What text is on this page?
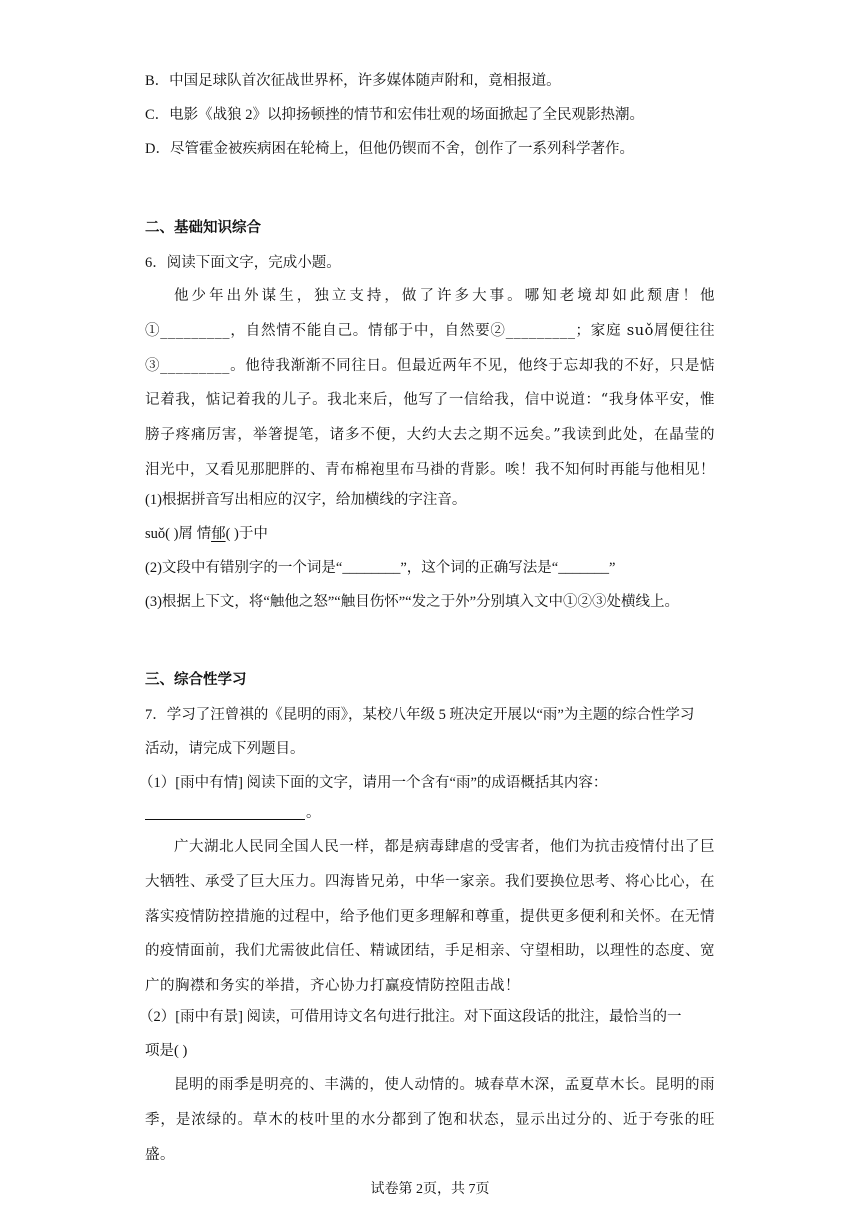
B．中国足球队首次征战世界杯，许多媒体随声附和，竟相报道。
C．电影《战狼 2》以抑扬顿挫的情节和宏伟壮观的场面掀起了全民观影热潮。
D．尽管霍金被疾病困在轮椅上，但他仍锲而不舍，创作了一系列科学著作。
二、基础知识综合
6．阅读下面文字，完成小题。
他少年出外谋生，独立支持，做了许多大事。哪知老境却如此颓唐！他①_________，自然情不能自己。情郁于中，自然要②_________；家庭 suǒ屑便往往③_________。他待我渐渐不同往日。但最近两年不见，他终于忘却我的不好，只是惦记着我，惦记着我的儿子。我北来后，他写了一信给我，信中说道：“我身体平安，惟膀子疼痛厉害，举箸提笔，诸多不便，大约大去之期不远矣。”我读到此处，在晶莹的泪光中，又看见那肥胖的、青布棉袍里布马褂的背影。唉！我不知何时再能与他相见！
(1)根据拼音写出相应的汉字，给加横线的字注音。
suǒ( )屑 情郁( )于中
(2)文段中有错别字的一个词是“________”，这个词的正确写法是“_______”
(3)根据上下文，将“触他之怒”“触目伤怀”“发之于外”分别填入文中①②③处横线上。
三、综合性学习
7．学习了汪曾祺的《昆明的雨》，某校八年级 5 班决定开展以“雨”为主题的综合性学习
活动，请完成下列题目。
（1）[雨中有情] 阅读下面的文字，请用一个含有“雨”的成语概括其内容：
。
广大湖北人民同全国人民一样，都是病毒肆虐的受害者，他们为抗击疫情付出了巨大牺牲、承受了巨大压力。四海皆兄弟，中华一家亲。我们要换位思考、将心比心，在落实疫情防控措施的过程中，给予他们更多理解和尊重，提供更多便利和关怀。在无情的疫情面前，我们尤需彼此信任、精诚团结，手足相亲、守望相助，以理性的态度、宽广的胸襟和务实的举措，齐心协力打赢疫情防控阻击战！
（2）[雨中有景] 阅读，可借用诗文名句进行批注。对下面这段话的批注，最恰当的一
项是( )
昆明的雨季是明亮的、丰满的，使人动情的。城春草木深，孟夏草木长。昆明的雨季，是浓绿的。草木的枝叶里的水分都到了饱和状态，显示出过分的、近于夸张的旺盛。
试卷第 2页，共 7页
